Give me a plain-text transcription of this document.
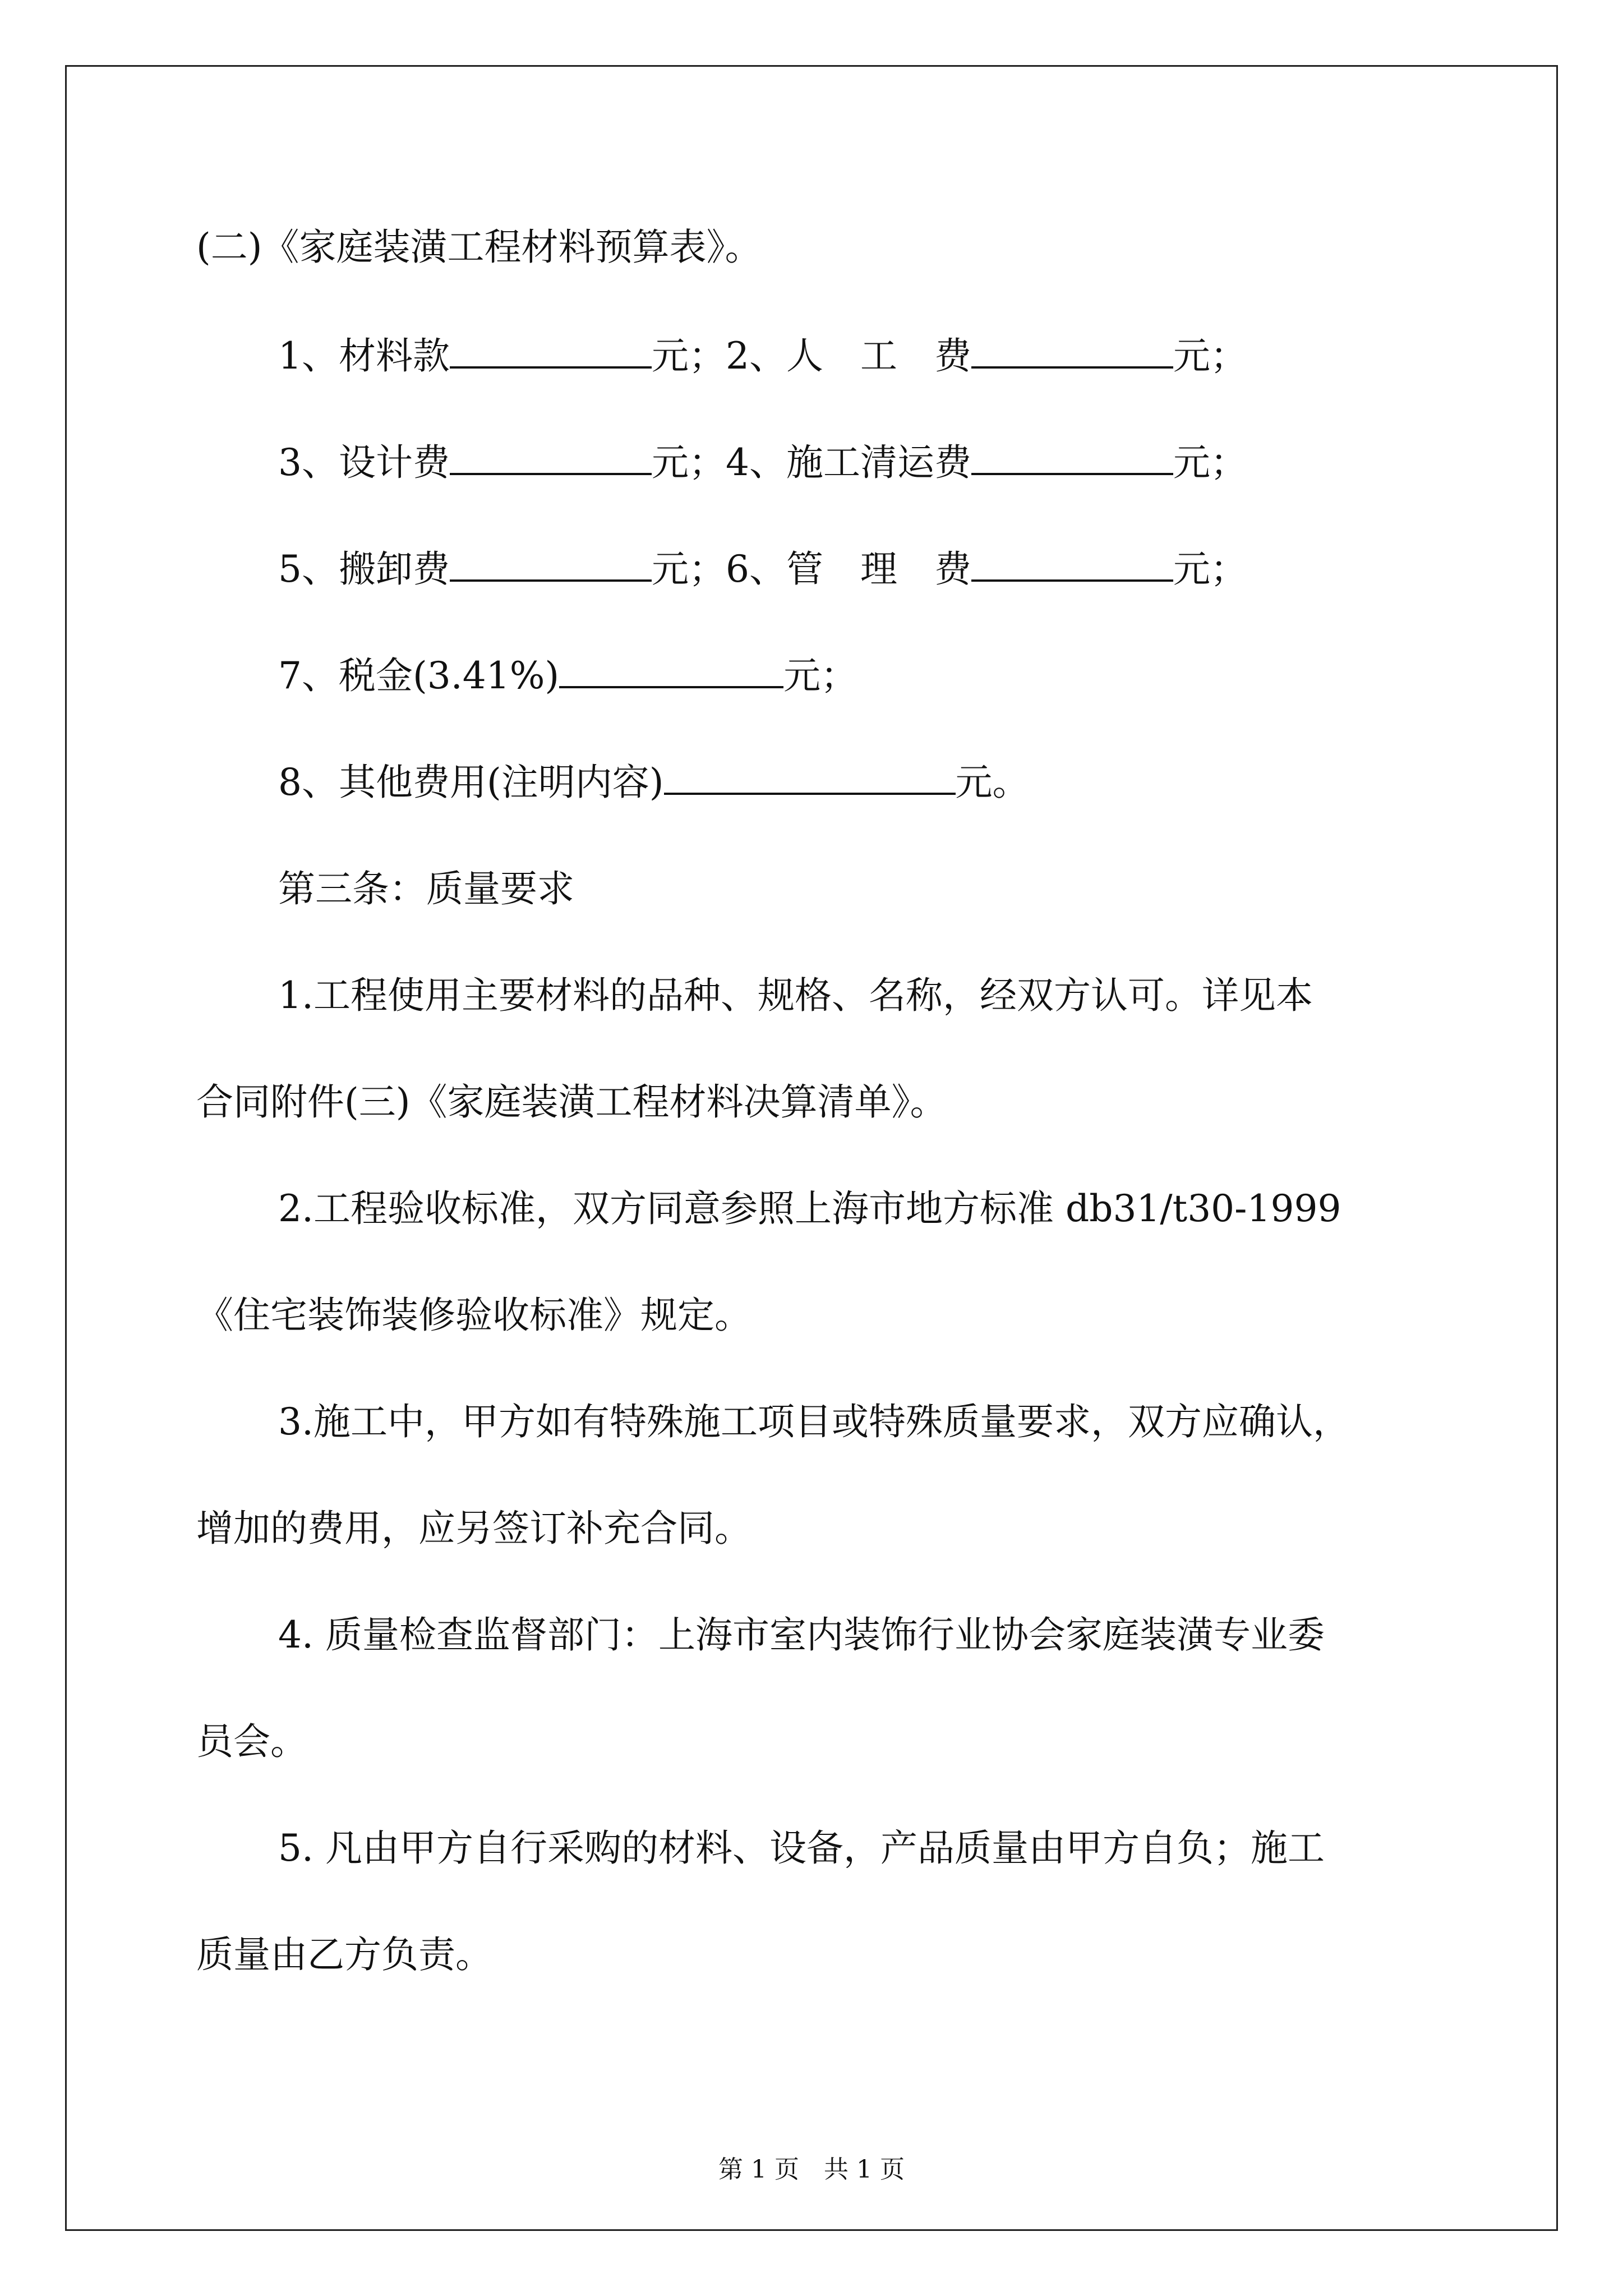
(二)《家庭装潢工程材料预算表》。
1、材料款	元；2、人　工　费	元；
3、设计费	元；4、施工清运费	元；
5、搬卸费	元；6、管　理　费	元；
7、税金(3.41%)	元；
8、其他费用(注明内容)	元。
第三条：质量要求
1.工程使用主要材料的品种、规格、名称，经双方认可。详见本
合同附件(三)《家庭装潢工程材料决算清单》。
2.工程验收标准，双方同意参照上海市地方标准 db31/t30-1999
《住宅装饰装修验收标准》规定。
3.施工中，甲方如有特殊施工项目或特殊质量要求，双方应确认，
增加的费用，应另签订补充合同。
4. 质量检查监督部门：上海市室内装饰行业协会家庭装潢专业委
员会。
5. 凡由甲方自行采购的材料、设备，产品质量由甲方自负；施工
质量由乙方负责。
第 1 页　共 1 页
